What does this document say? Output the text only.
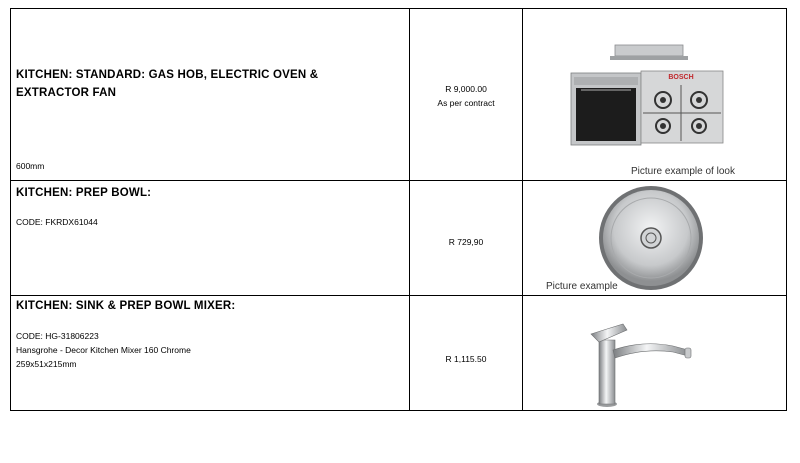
KITCHEN: STANDARD: GAS HOB, ELECTRIC OVEN &
EXTRACTOR FAN
600mm
R 9,000.00
As per contract
BOSCH
Picture example of look
KITCHEN: PREP BOWL:
CODE: FKRDX61044
R 729,90
Picture example
KITCHEN: SINK & PREP BOWL MIXER:
CODE: HG-31806223
Hansgrohe - Decor Kitchen Mixer 160 Chrome
259x51x215mm	R 1,115.50
